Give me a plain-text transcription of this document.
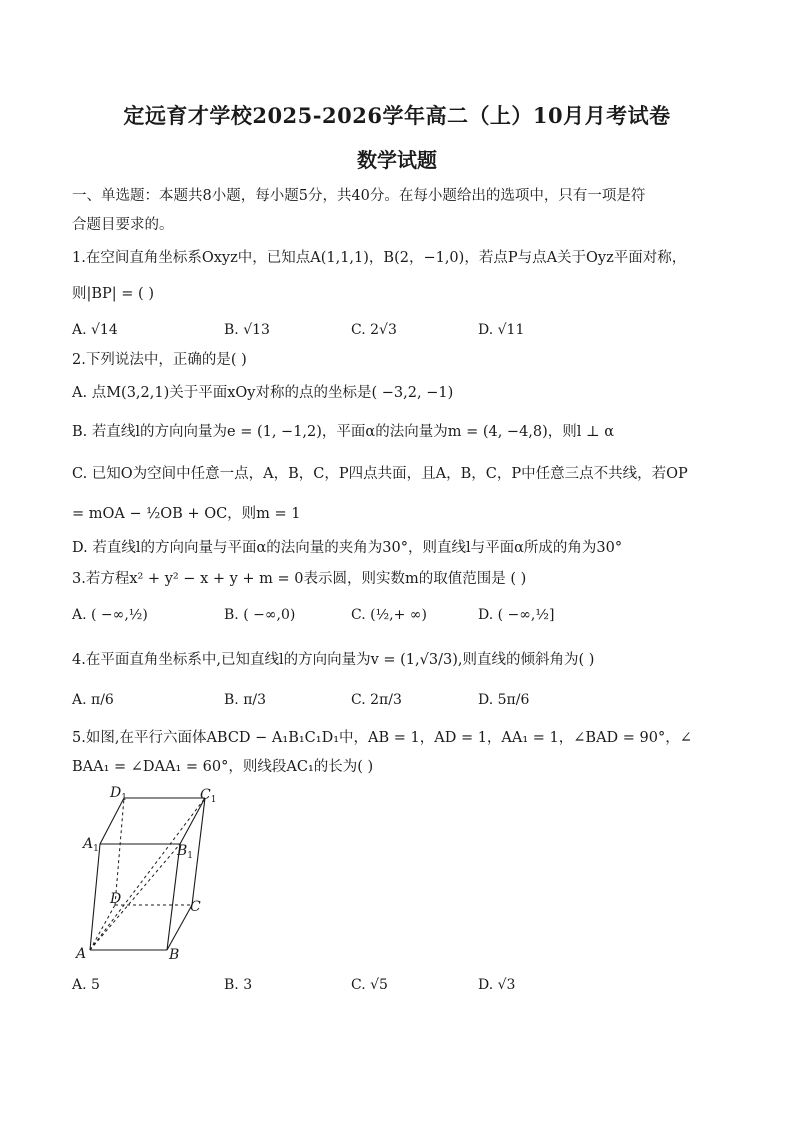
定远育才学校2025-2026学年高二（上）10月月考试卷
数学试题
一、单选题：本题共8小题，每小题5分，共40分。在每小题给出的选项中，只有一项是符
合题目要求的。
1.在空间直角坐标系Oxyz中，已知点A(1,1,1)，B(2，−1,0)，若点P与点A关于Oyz平面对称，
则|BP| = ( )
A. √14	B. √13	C. 2√3	D. √11
2.下列说法中，正确的是( )
A. 点M(3,2,1)关于平面xOy对称的点的坐标是( −3,2, −1)
B. 若直线l的方向向量为e = (1, −1,2)，平面α的法向量为m = (4, −4,8)，则l ⊥ α
C. 已知O为空间中任意一点，A，B，C，P四点共面，且A，B，C，P中任意三点不共线，若OP
= mOA − ½OB + OC，则m = 1
D. 若直线l的方向向量与平面α的法向量的夹角为30°，则直线l与平面α所成的角为30°
3.若方程x² + y² − x + y + m = 0表示圆，则实数m的取值范围是 ( )
A. ( −∞,½)	B. ( −∞,0)	C. (½,+ ∞)	D. ( −∞,½]
4.在平面直角坐标系中,已知直线l的方向向量为v = (1,√3/3),则直线的倾斜角为( )
A. π/6	B. π/3	C. 2π/3	D. 5π/6
5.如图,在平行六面体ABCD − A₁B₁C₁D₁中，AB = 1，AD = 1，AA₁ = 1，∠BAD = 90°，∠
BAA₁ = ∠DAA₁ = 60°，则线段AC₁的长为( )
$D_1$	$C_1$
$A_1$	$B_1$
D	C
A	B
A. 5	B. 3	C. √5	D. √3
